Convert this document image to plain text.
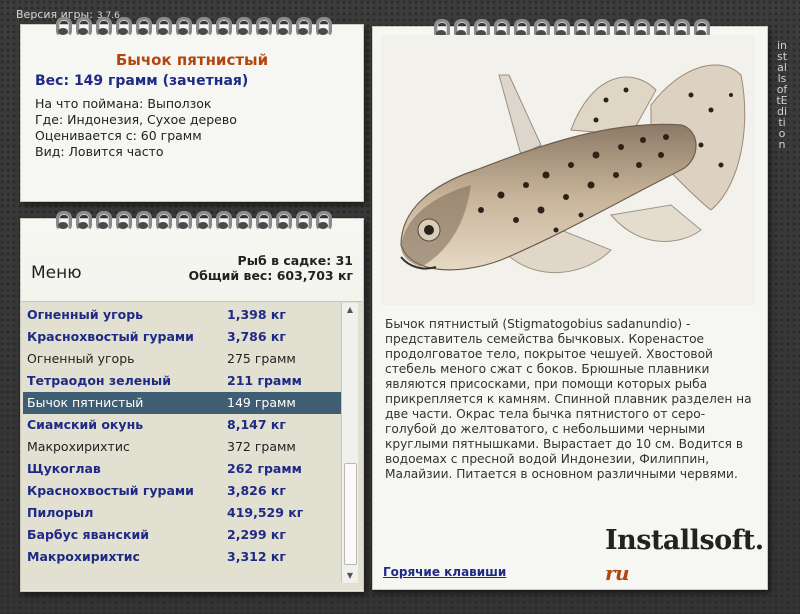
Версия игры: 3.7.6
Бычок пятнистый
Вес: 149 грамм (зачетная)
На что поймана: Выползок
Где: Индонезия, Сухое дерево
Оценивается с: 60 грамм
Вид: Ловится часто
Меню
Рыб в садке: 31
Общий вес: 603,703 кг
Огненный угорь	1,398 кг
Краснохвостый гурами	3,786 кг
Огненный угорь	275 грамм
Тетраодон зеленый	211 грамм
Бычок пятнистый	149 грамм
Сиамский окунь	8,147 кг
Макрохирихтис	372 грамм
Щукоглав	262 грамм
Краснохвостый гурами	3,826 кг
Пилорыл	419,529 кг
Барбус яванский	2,299 кг
Макрохирихтис	3,312 кг
▲
▼
Бычок пятнистый (Stigmatogobius sadanundio) - представитель семейства бычковых. Коренастое продолговатое тело, покрытое чешуей. Хвостовой стебель меного сжат с боков. Брюшные плавники являются присосками, при помощи которых рыба прикрепляется к камням. Спинной плавник разделен на две части. Окрас тела бычка пятнистого от серо-голубой до желтоватого, с небольшими черными круглыми пятнышками. Вырастает до 10 см. Водится в водоемах с пресной водой Индонезии, Филиппин, Малайзии. Питается в основном различными червями.
Installsoft. ru
Горячие клавиши
installsoftEdition
